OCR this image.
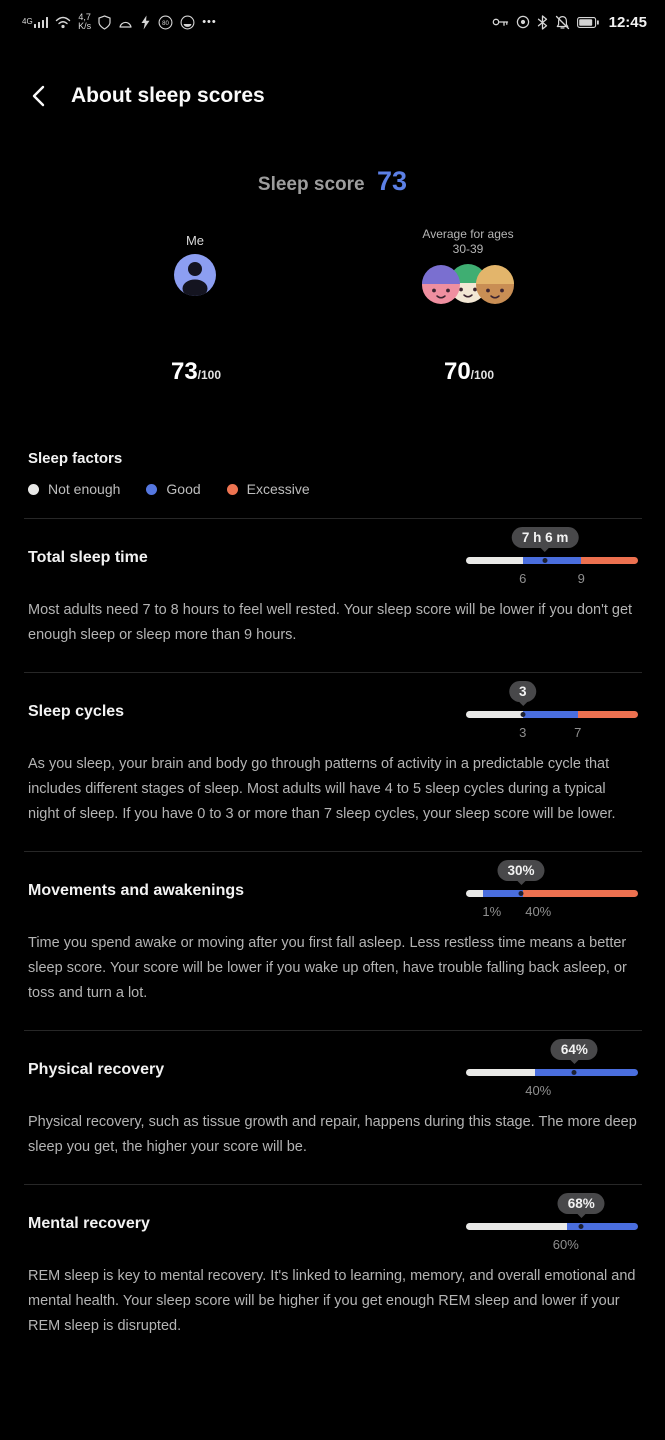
4G	4,7
K/s	80	•••	12:45
About sleep scores
Sleep score 73
Me	Average for ages
30-39
73 /100	70 /100
Sleep factors
Not enough	Good	Excessive
Total sleep time
7 h 6 m
6	9

Most adults need 7 to 8 hours to feel well rested. Your sleep score will be lower if you don't get enough sleep or sleep more than 9 hours.

Sleep cycles
3
3	7

As you sleep, your brain and body go through patterns of activity in a predictable cycle that includes different stages of sleep. Most adults will have 4 to 5 sleep cycles during a typical night of sleep. If you have 0 to 3 or more than 7 sleep cycles, your sleep score will be lower.

Movements and awakenings
30%
1% 40%

Time you spend awake or moving after you first fall asleep. Less restless time means a better sleep score. Your score will be lower if you wake up often, have trouble falling back asleep, or toss and turn a lot.

Physical recovery
64%
40%

Physical recovery, such as tissue growth and repair, happens during this stage. The more deep sleep you get, the higher your score will be.

Mental recovery
68%
60%

REM sleep is key to mental recovery. It's linked to learning, memory, and overall emotional and mental health. Your sleep score will be higher if you get enough REM sleep and lower if your REM sleep is disrupted.
